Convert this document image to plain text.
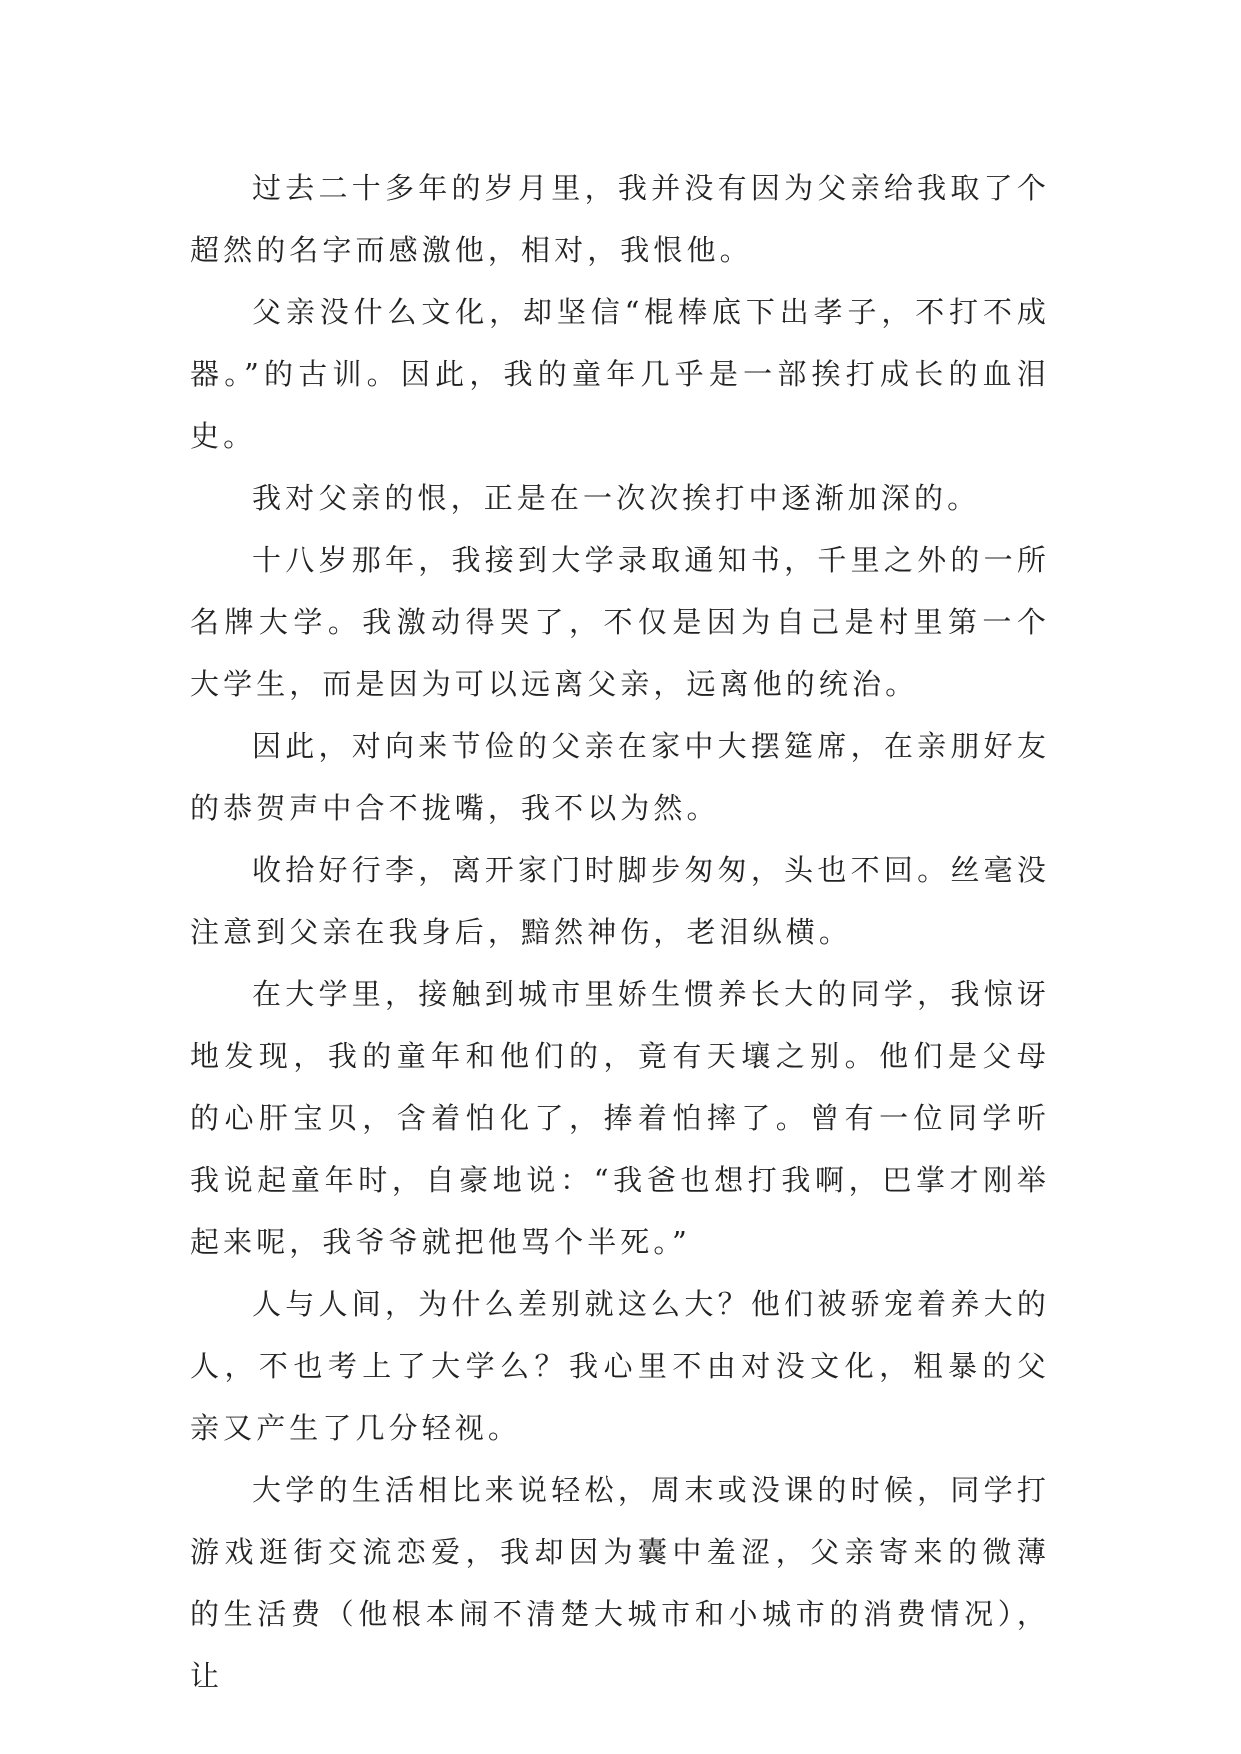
过去二十多年的岁月里，我并没有因为父亲给我取了个超然的名字而感激他，相对，我恨他。

父亲没什么文化，却坚信“棍棒底下出孝子，不打不成器。”的古训。因此，我的童年几乎是一部挨打成长的血泪史。

我对父亲的恨，正是在一次次挨打中逐渐加深的。

十八岁那年，我接到大学录取通知书，千里之外的一所名牌大学。我激动得哭了，不仅是因为自己是村里第一个大学生，而是因为可以远离父亲，远离他的统治。

因此，对向来节俭的父亲在家中大摆筵席，在亲朋好友的恭贺声中合不拢嘴，我不以为然。

收拾好行李，离开家门时脚步匆匆，头也不回。丝毫没注意到父亲在我身后，黯然神伤，老泪纵横。

在大学里，接触到城市里娇生惯养长大的同学，我惊讶地发现，我的童年和他们的，竟有天壤之别。他们是父母的心肝宝贝，含着怕化了，捧着怕摔了。曾有一位同学听我说起童年时，自豪地说：“我爸也想打我啊，巴掌才刚举起来呢，我爷爷就把他骂个半死。”

人与人间，为什么差别就这么大？他们被骄宠着养大的人，不也考上了大学么？我心里不由对没文化，粗暴的父亲又产生了几分轻视。

大学的生活相比来说轻松，周末或没课的时候，同学打游戏逛街交流恋爱，我却因为囊中羞涩，父亲寄来的微薄的生活费（他根本闹不清楚大城市和小城市的消费情况），让
